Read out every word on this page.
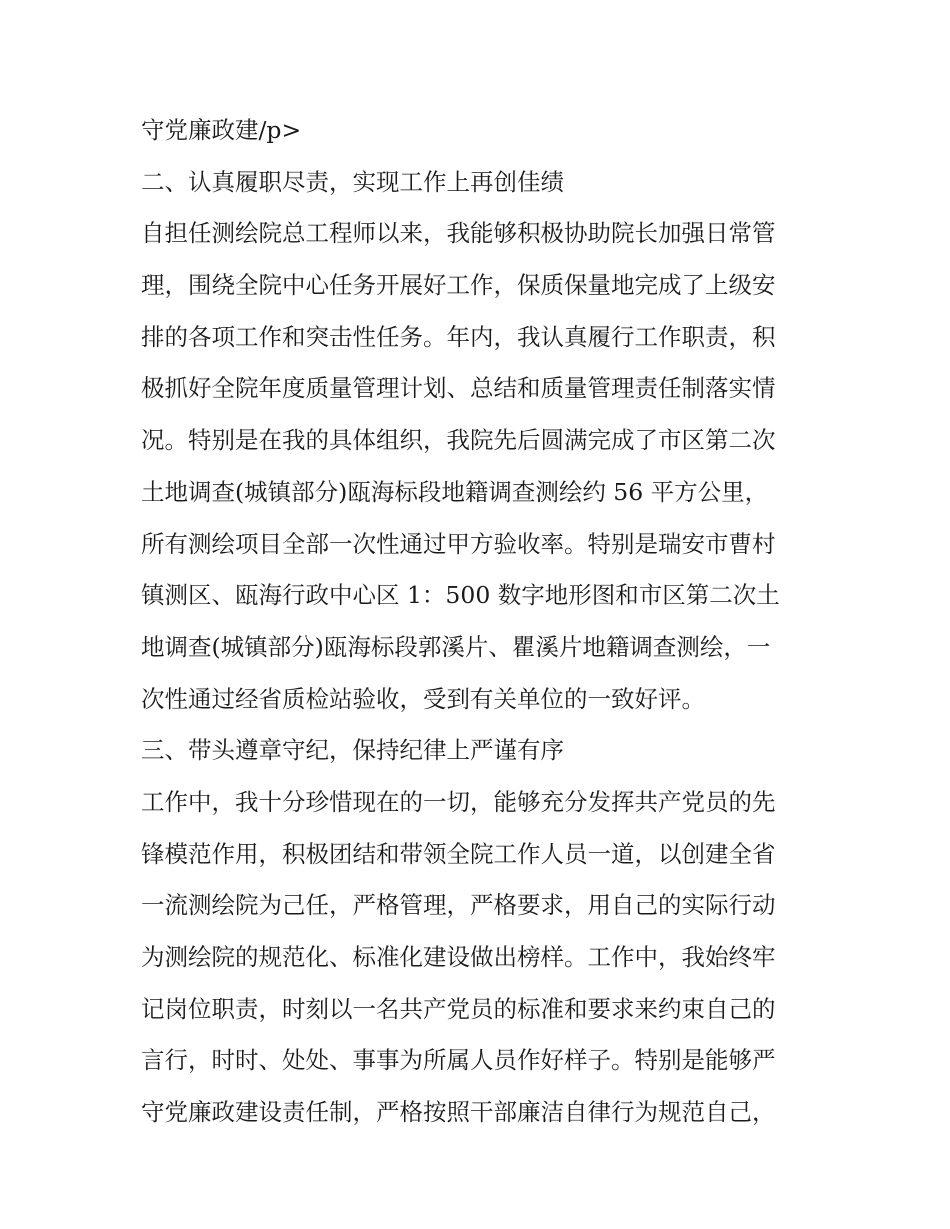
守党廉政建/p>
二、认真履职尽责，实现工作上再创佳绩
自担任测绘院总工程师以来，我能够积极协助院长加强日常管
理，围绕全院中心任务开展好工作，保质保量地完成了上级安
排的各项工作和突击性任务。年内，我认真履行工作职责，积
极抓好全院年度质量管理计划、总结和质量管理责任制落实情
况。特别是在我的具体组织，我院先后圆满完成了市区第二次
土地调查(城镇部分)瓯海标段地籍调查测绘约 56 平方公里，
所有测绘项目全部一次性通过甲方验收率。特别是瑞安市曹村
镇测区、瓯海行政中心区 1：500 数字地形图和市区第二次土
地调查(城镇部分)瓯海标段郭溪片、瞿溪片地籍调查测绘，一
次性通过经省质检站验收，受到有关单位的一致好评。
三、带头遵章守纪，保持纪律上严谨有序
工作中，我十分珍惜现在的一切，能够充分发挥共产党员的先
锋模范作用，积极团结和带领全院工作人员一道，以创建全省
一流测绘院为己任，严格管理，严格要求，用自己的实际行动
为测绘院的规范化、标准化建设做出榜样。工作中，我始终牢
记岗位职责，时刻以一名共产党员的标准和要求来约束自己的
言行，时时、处处、事事为所属人员作好样子。特别是能够严
守党廉政建设责任制，严格按照干部廉洁自律行为规范自己，
